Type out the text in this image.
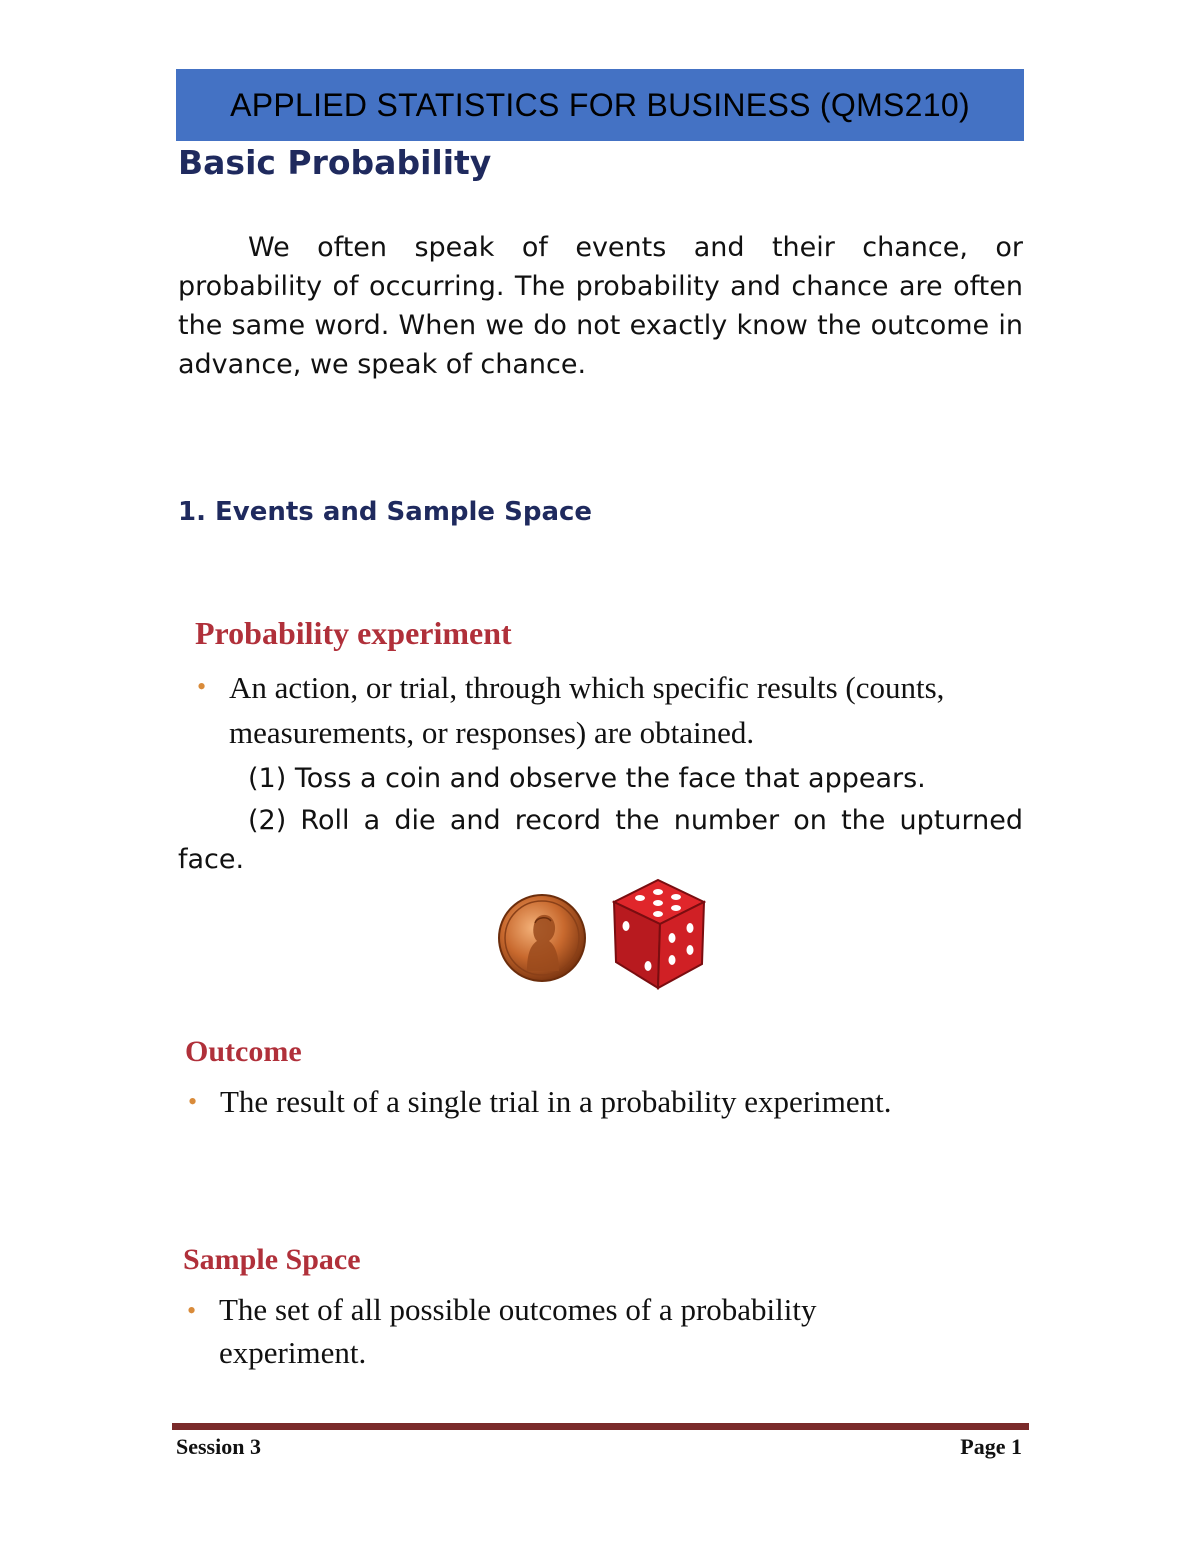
APPLIED STATISTICS FOR BUSINESS (QMS210)
Basic Probability

We often speak of events and their chance, or probability of occurring. The probability and chance are often the same word. When we do not exactly know the outcome in advance, we speak of chance.

1. Events and Sample Space

Probability experiment

• An action, or trial, through which specific results (counts,

measurements, or responses) are obtained.

(1) Toss a coin and observe the face that appears.

(2) Roll a die and record the number on the upturned face.

Outcome

• The result of a single trial in a probability experiment.

Sample Space

• The set of all possible outcomes of a probability

experiment.

Session 3	Page 1
